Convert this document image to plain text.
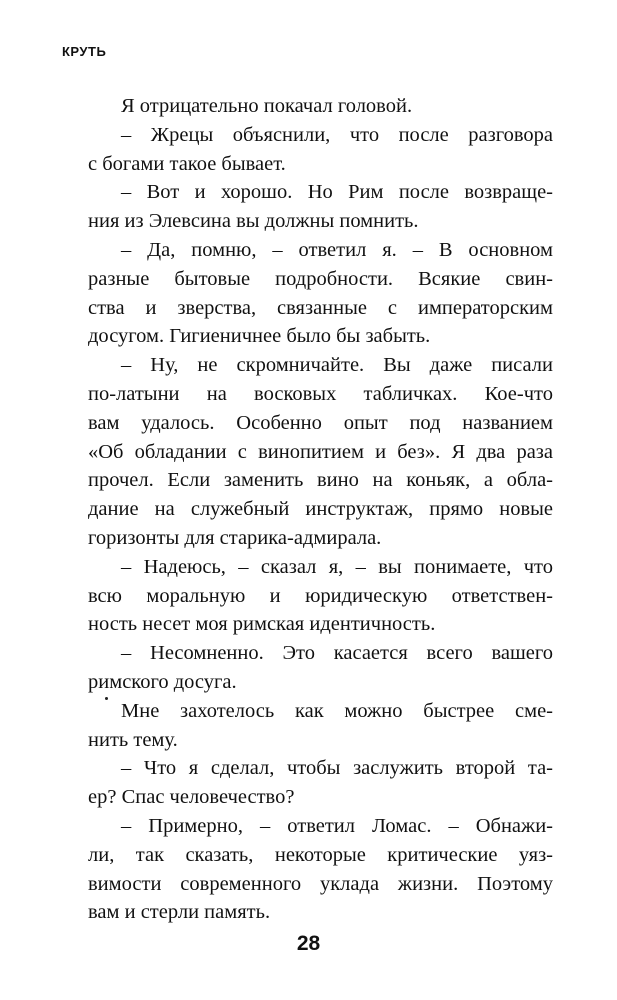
КРУТЬ
Я отрицательно покачал головой.
– Жрецы объяснили, что после разговора
с богами такое бывает.
– Вот и хорошо. Но Рим после возвраще-
ния из Элевсина вы должны помнить.
– Да, помню, – ответил я. – В основном
разные бытовые подробности. Всякие свин-
ства и зверства, связанные с императорским
досугом. Гигиеничнее было бы забыть.
– Ну, не скромничайте. Вы даже писали
по-латыни на восковых табличках. Кое-что
вам удалось. Особенно опыт под названием
«Об обладании с винопитием и без». Я два раза
прочел. Если заменить вино на коньяк, а обла-
дание на служебный инструктаж, прямо новые
горизонты для старика-адмирала.
– Надеюсь, – сказал я, – вы понимаете, что
всю моральную и юридическую ответствен-
ность несет моя римская идентичность.
– Несомненно. Это касается всего вашего
римского досуга.
Мне захотелось как можно быстрее сме-
нить тему.
– Что я сделал, чтобы заслужить второй та-
ер? Спас человечество?
– Примерно, – ответил Ломас. – Обнажи-
ли, так сказать, некоторые критические уяз-
вимости современного уклада жизни. Поэтому
вам и стерли память.
28
